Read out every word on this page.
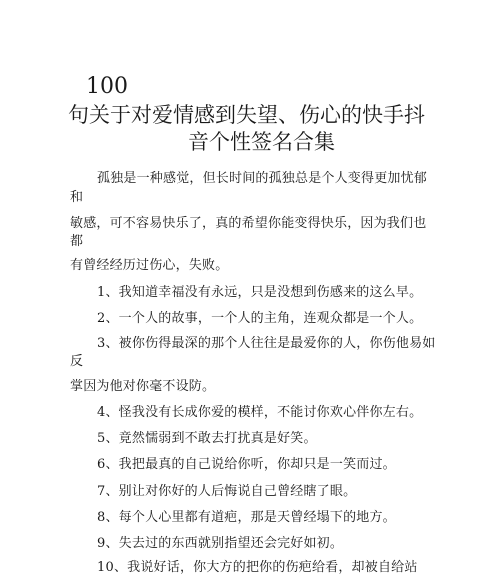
100
句关于对爱情感到失望、伤心的快手抖
音个性签名合集
孤独是一种感觉，但长时间的孤独总是个人变得更加忧郁
和
敏感，可不容易快乐了，真的希望你能变得快乐，因为我们也
都
有曾经经历过伤心，失败。
1、我知道幸福没有永远，只是没想到伤感来的这么早。
2、一个人的故事，一个人的主角，连观众都是一个人。
3、被你伤得最深的那个人往往是最爱你的人，你伤他易如
反
掌因为他对你毫不设防。
4、怪我没有长成你爱的模样，不能讨你欢心伴你左右。
5、竟然懦弱到不敢去打扰真是好笑。
6、我把最真的自己说给你听，你却只是一笑而过。
7、别让对你好的人后悔说自己曾经瞎了眼。
8、每个人心里都有道疤，那是天曾经塌下的地方。
9、失去过的东西就别指望还会完好如初。
10、我说好话，你大方的把你的伤疤给看，却被自给站
